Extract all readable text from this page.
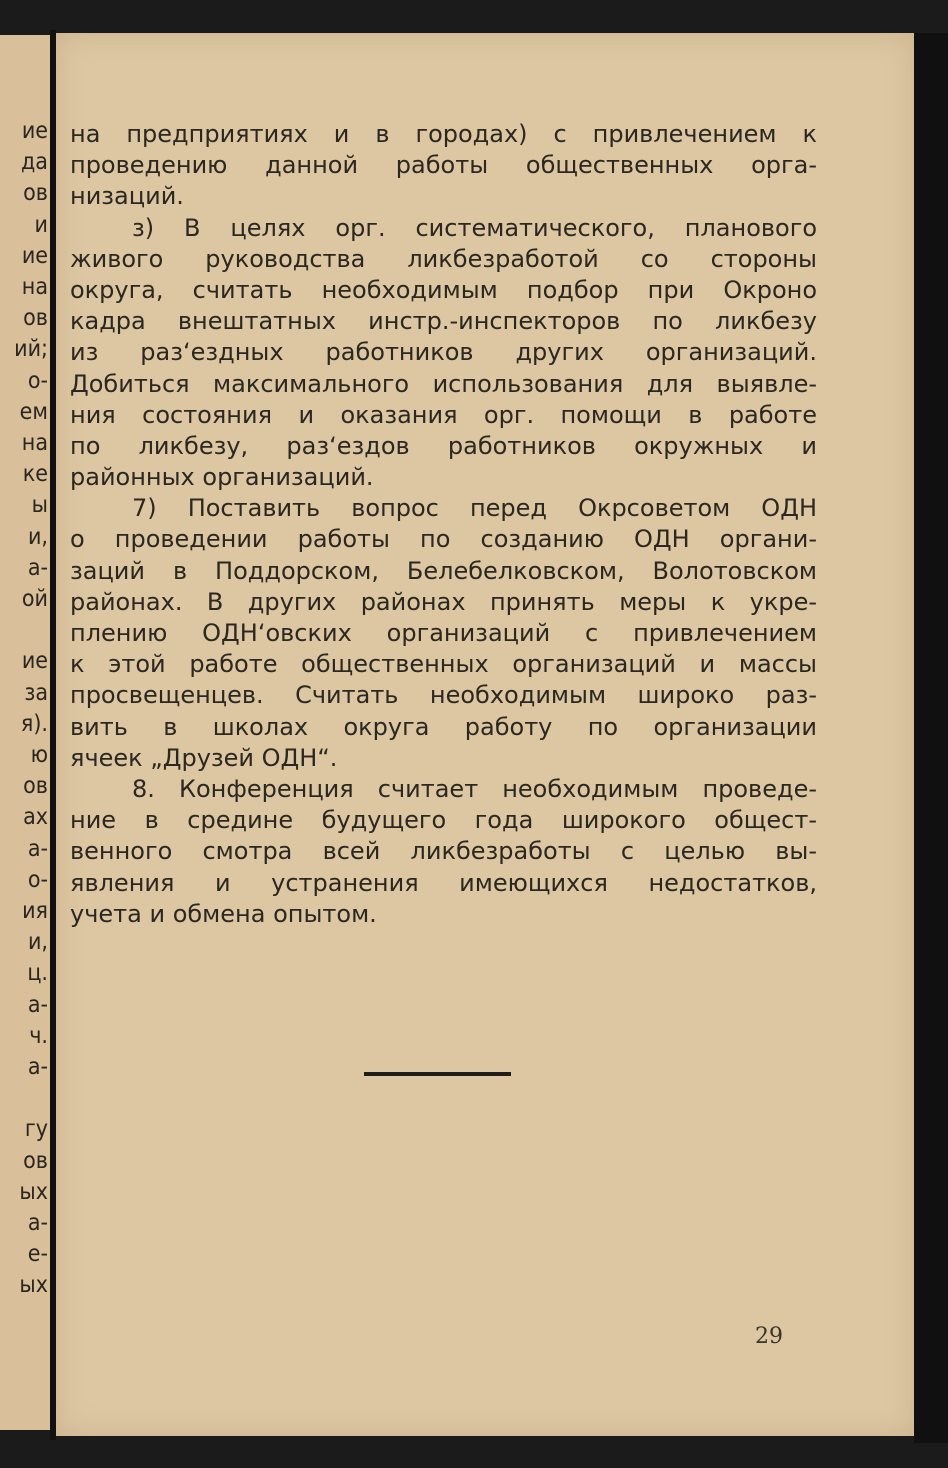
ие

да

ов

и

ие

на

ов

ий;

о-

ем

на

ке

ы

и,

а-

ой

ие

за

я).

ю

ов

ах

а-

о-

ия

и,

ц.

а-

ч.

а-

гу

ов

ых

а-

е-

ых

на предприятиях и в городах) с привлечением к
проведению данной работы общественных орга-
низаций.
з) В целях орг. систематического, планового
живого руководства ликбезработой со стороны
округа, считать необходимым подбор при Окроно
кадра внештатных инстр.-инспекторов по ликбезу
из раз‘ездных работников других организаций.
Добиться максимального использования для выявле-
ния состояния и оказания орг. помощи в работе
по ликбезу, раз‘ездов работников окружных и
районных организаций.
7) Поставить вопрос перед Окрсоветом ОДН
о проведении работы по созданию ОДН органи-
заций в Поддорском, Белебелковском, Волотовском
районах. В других районах принять меры к укре-
плению ОДН‘овских организаций с привлечением
к этой работе общественных организаций и массы
просвещенцев. Считать необходимым широко раз-
вить в школах округа работу по организации
ячеек „Друзей ОДН“.
8. Конференция считает необходимым проведе-
ние в средине будущего года широкого общест-
венного смотра всей ликбезработы с целью вы-
явления и устранения имеющихся недостатков,
учета и обмена опытом.
29
